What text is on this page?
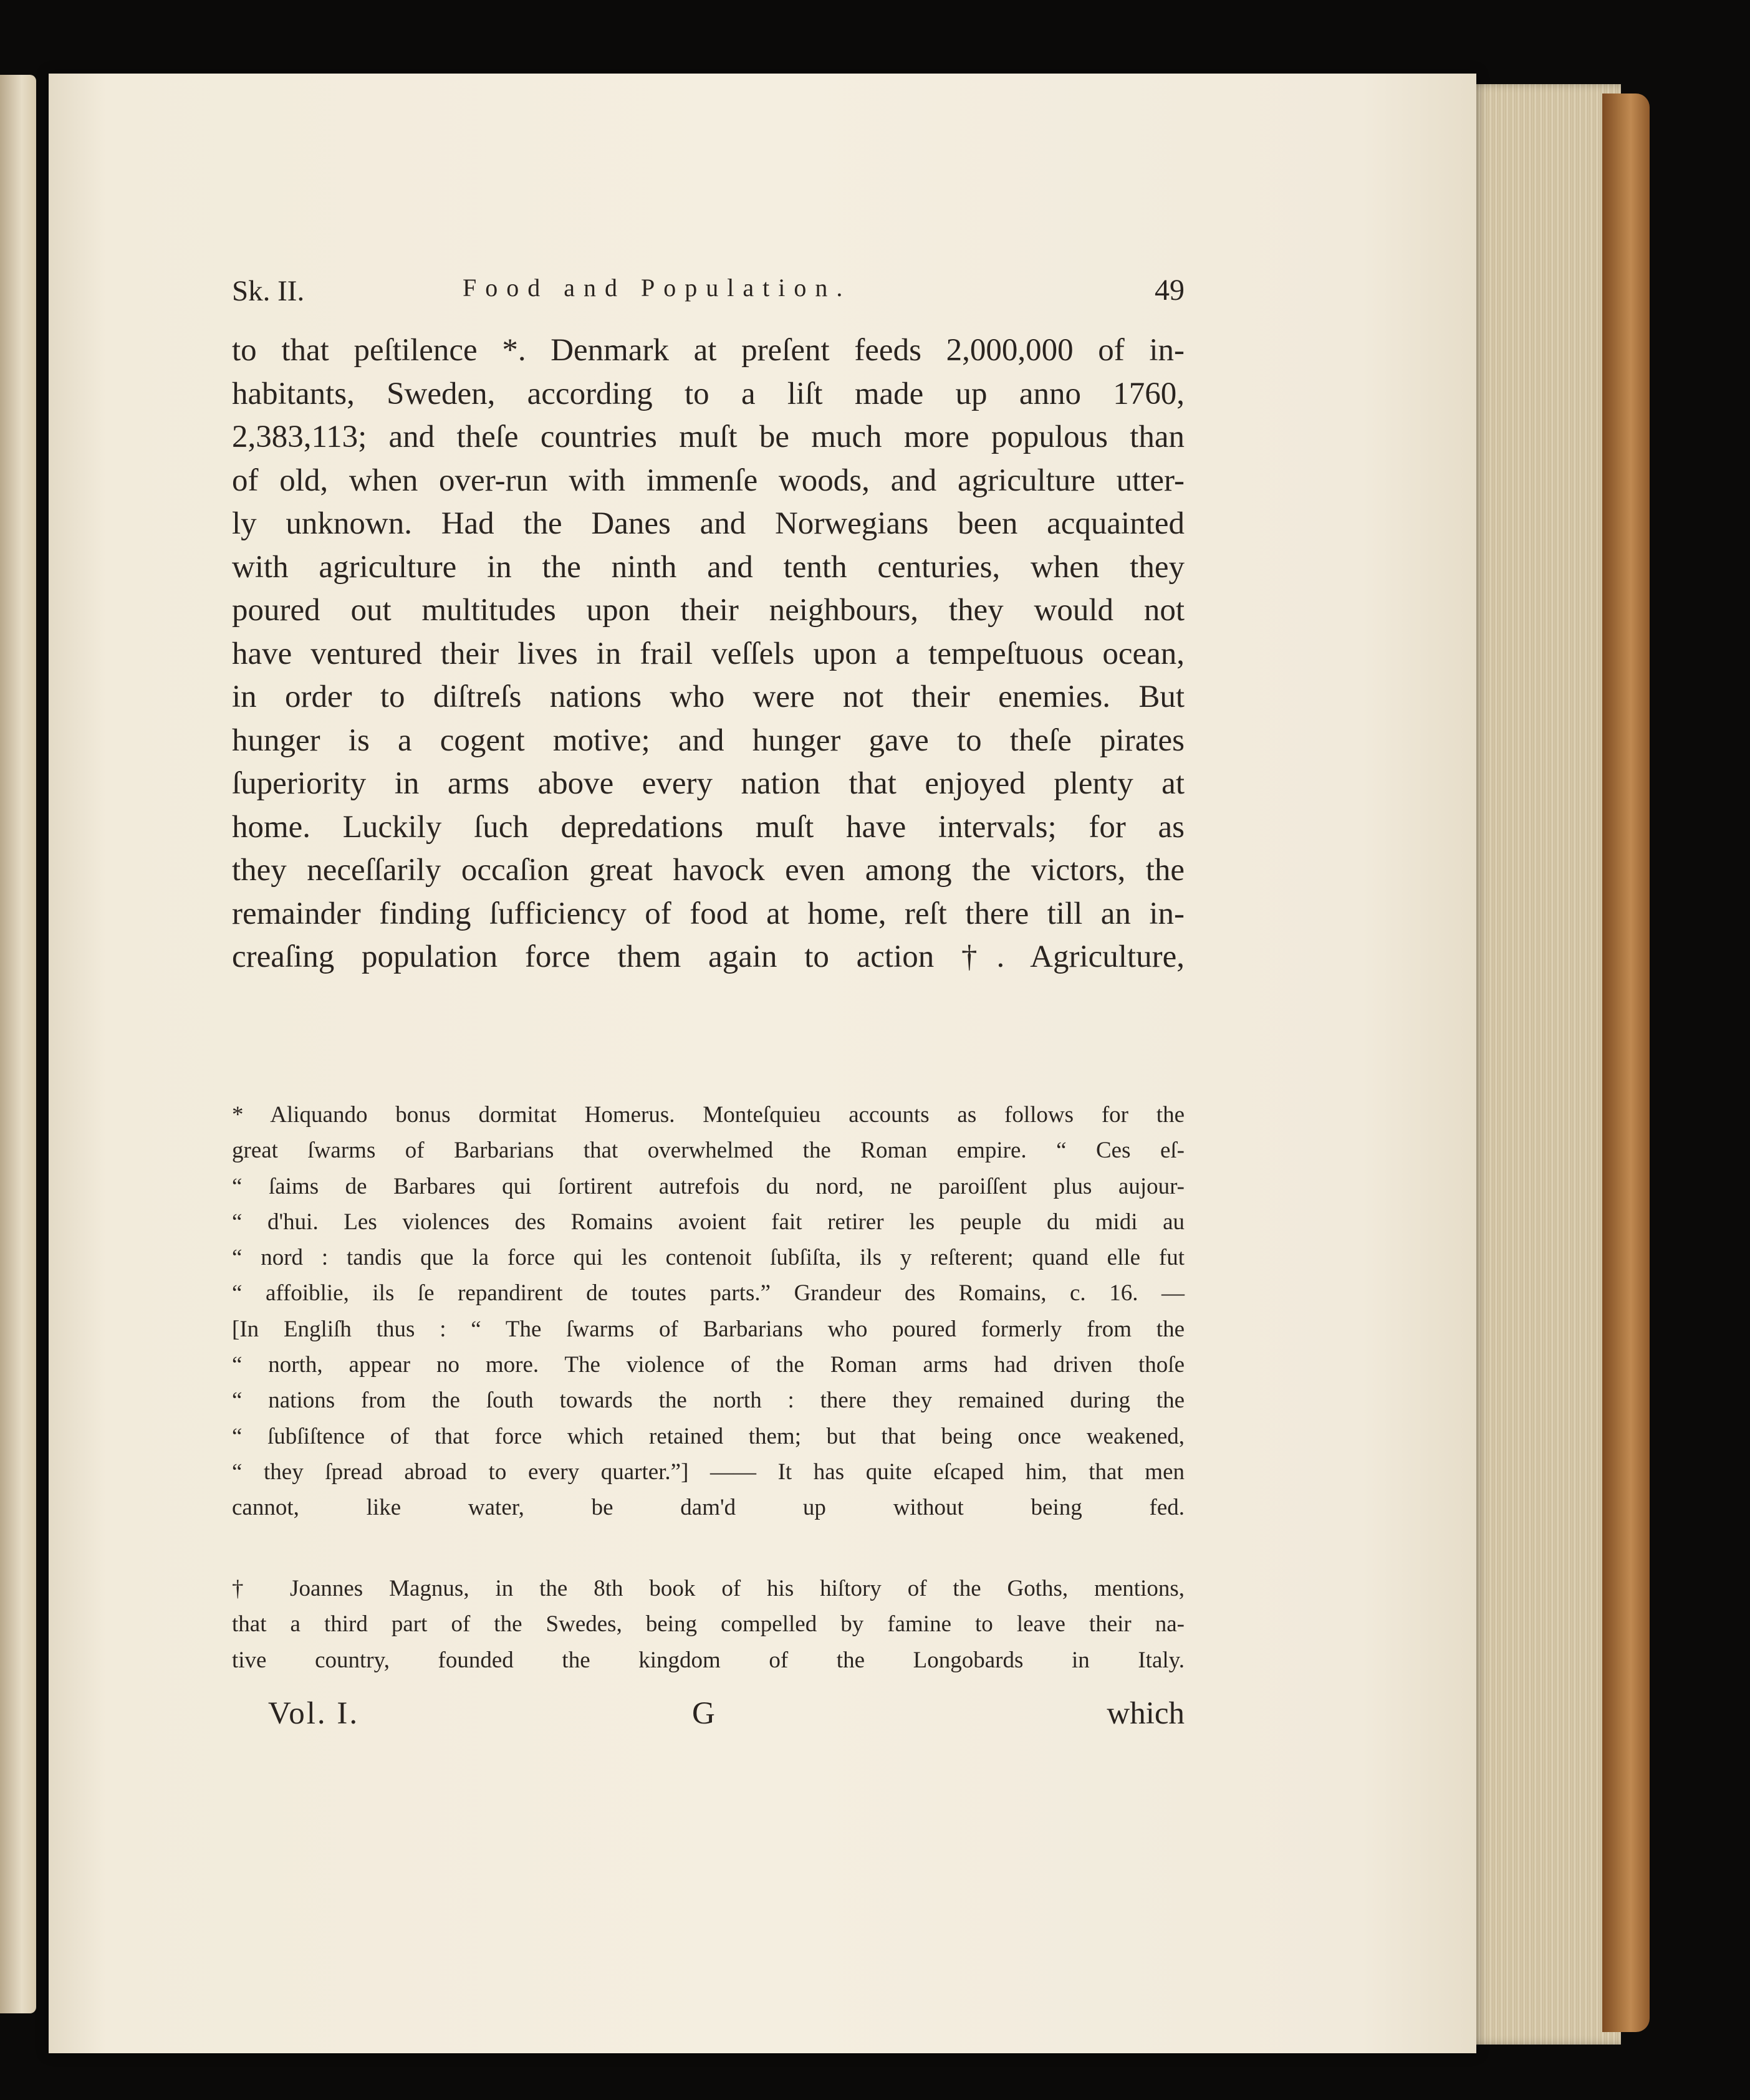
Sk. II.	Food and Population.	49
to that peſtilence *. Denmark at preſent feeds 2,000,000 of in-
habitants, Sweden, according to a liſt made up anno 1760,
2,383,113; and theſe countries muſt be much more populous than
of old, when over-run with immenſe woods, and agriculture utter-
ly unknown. Had the Danes and Norwegians been acquainted
with agriculture in the ninth and tenth centuries, when they
poured out multitudes upon their neighbours, they would not
have ventured their lives in frail veſſels upon a tempeſtuous ocean,
in order to diſtreſs nations who were not their enemies. But
hunger is a cogent motive; and hunger gave to theſe pirates
ſuperiority in arms above every nation that enjoyed plenty at
home. Luckily ſuch depredations muſt have intervals; for as
they neceſſarily occaſion great havock even among the victors, the
remainder finding ſufficiency of food at home, reſt there till an in-
creaſing population force them again to action †. Agriculture,
* Aliquando bonus dormitat Homerus. Monteſquieu accounts as follows for the
great ſwarms of Barbarians that overwhelmed the Roman empire. “ Ces eſ-
“ ſaims de Barbares qui ſortirent autrefois du nord, ne paroiſſent plus aujour-
“ d'hui. Les violences des Romains avoient fait retirer les peuple du midi au
“ nord : tandis que la force qui les contenoit ſubſiſta, ils y reſterent; quand elle fut
“ affoiblie, ils ſe repandirent de toutes parts.” Grandeur des Romains, c. 16. —
[In Engliſh thus : “ The ſwarms of Barbarians who poured formerly from the
“ north, appear no more. The violence of the Roman arms had driven thoſe
“ nations from the ſouth towards the north : there they remained during the
“ ſubſiſtence of that force which retained them; but that being once weakened,
“ they ſpread abroad to every quarter.”] —— It has quite eſcaped him, that men
cannot, like water, be dam'd up without being fed.
† Joannes Magnus, in the 8th book of his hiſtory of the Goths, mentions,
that a third part of the Swedes, being compelled by famine to leave their na-
tive country, founded the kingdom of the Longobards in Italy.
Vol. I.	G	which
